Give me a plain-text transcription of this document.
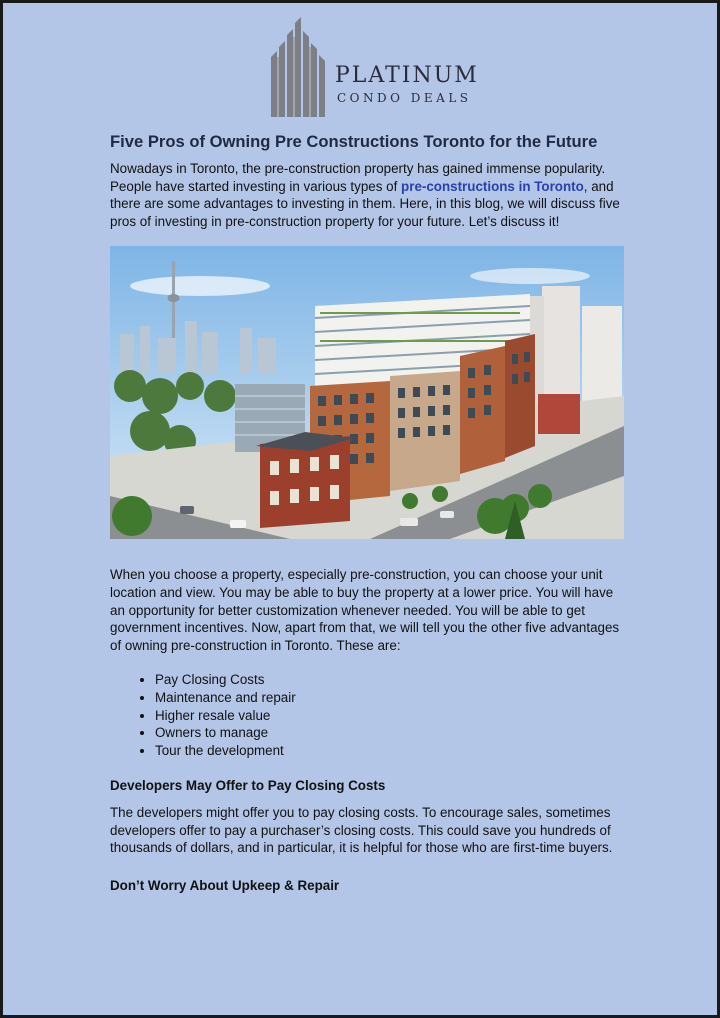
PLATINUM
CONDO DEALS
Five Pros of Owning Pre Constructions Toronto for the Future

Nowadays in Toronto, the pre-construction property has gained immense popularity. People have started investing in various types of pre-constructions in Toronto, and there are some advantages to investing in them. Here, in this blog, we will discuss five pros of investing in pre-construction property for your future. Let’s discuss it!

When you choose a property, especially pre-construction, you can choose your unit location and view. You may be able to buy the property at a lower price. You will have an opportunity for better customization whenever needed. You will be able to get government incentives. Now, apart from that, we will tell you the other five advantages of owning pre-construction in Toronto. These are:

• Pay Closing Costs
• Maintenance and repair
• Higher resale value
• Owners to manage
• Tour the development
Developers May Offer to Pay Closing Costs

The developers might offer you to pay closing costs. To encourage sales, sometimes developers offer to pay a purchaser’s closing costs. This could save you hundreds of thousands of dollars, and in particular, it is helpful for those who are first-time buyers.

Don’t Worry About Upkeep & Repair
